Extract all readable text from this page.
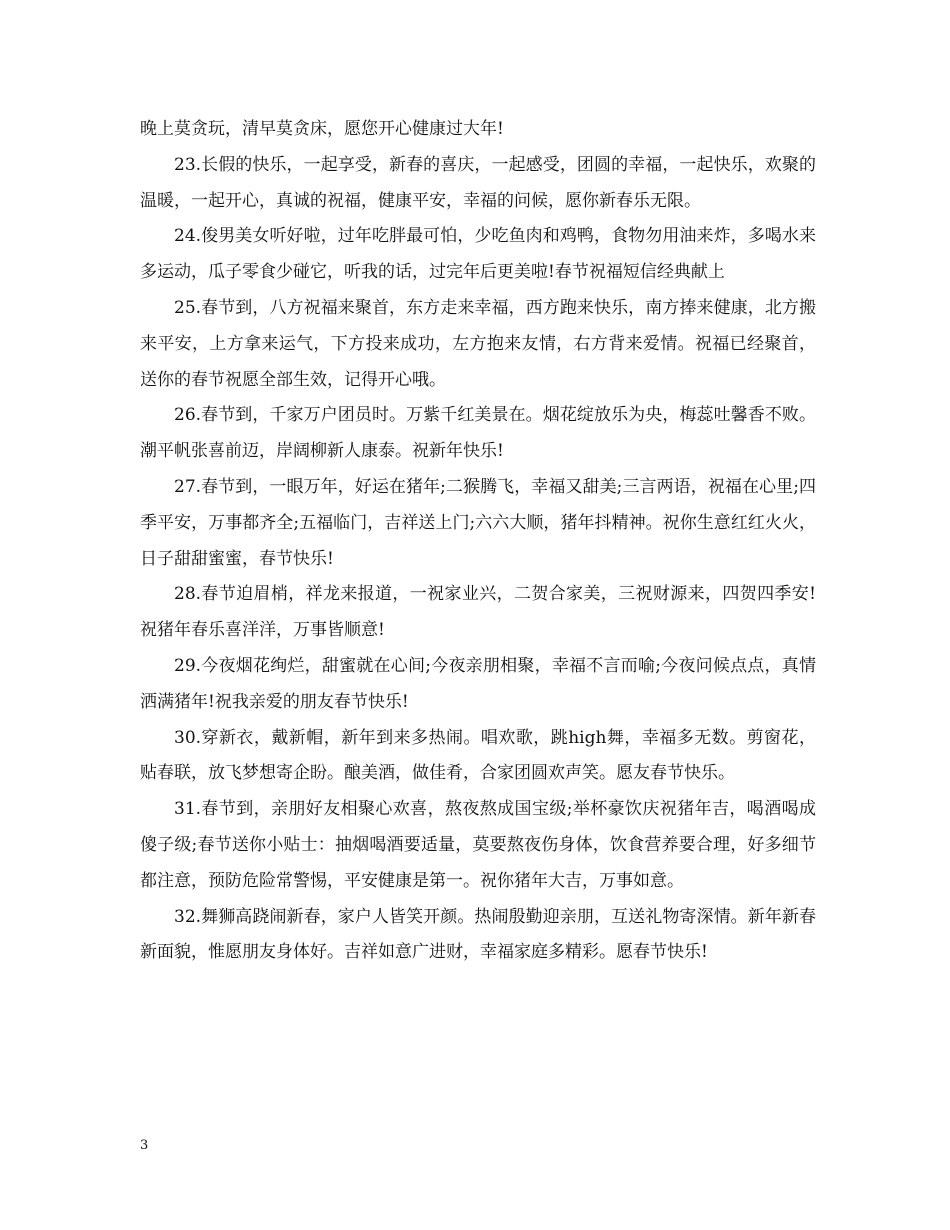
晚上莫贪玩，清早莫贪床，愿您开心健康过大年!

23.长假的快乐，一起享受，新春的喜庆，一起感受，团圆的幸福，一起快乐，欢聚的温暖，一起开心，真诚的祝福，健康平安，幸福的问候，愿你新春乐无限。

24.俊男美女听好啦，过年吃胖最可怕，少吃鱼肉和鸡鸭，食物勿用油来炸，多喝水来多运动，瓜子零食少碰它，听我的话，过完年后更美啦!春节祝福短信经典献上

25.春节到，八方祝福来聚首，东方走来幸福，西方跑来快乐，南方捧来健康，北方搬来平安，上方拿来运气，下方投来成功，左方抱来友情，右方背来爱情。祝福已经聚首，送你的春节祝愿全部生效，记得开心哦。

26.春节到，千家万户团员时。万紫千红美景在。烟花绽放乐为央，梅蕊吐馨香不败。潮平帆张喜前迈，岸阔柳新人康泰。祝新年快乐!

27.春节到，一眼万年，好运在猪年;二猴腾飞，幸福又甜美;三言两语，祝福在心里;四季平安，万事都齐全;五福临门，吉祥送上门;六六大顺，猪年抖精神。祝你生意红红火火，日子甜甜蜜蜜，春节快乐!

28.春节迫眉梢，祥龙来报道，一祝家业兴，二贺合家美，三祝财源来，四贺四季安!祝猪年春乐喜洋洋，万事皆顺意!

29.今夜烟花绚烂，甜蜜就在心间;今夜亲朋相聚，幸福不言而喻;今夜问候点点，真情洒满猪年!祝我亲爱的朋友春节快乐!

30.穿新衣，戴新帽，新年到来多热闹。唱欢歌，跳high舞，幸福多无数。剪窗花，贴春联，放飞梦想寄企盼。酿美酒，做佳肴，合家团圆欢声笑。愿友春节快乐。

31.春节到，亲朋好友相聚心欢喜，熬夜熬成国宝级;举杯豪饮庆祝猪年吉，喝酒喝成傻子级;春节送你小贴士：抽烟喝酒要适量，莫要熬夜伤身体，饮食营养要合理，好多细节都注意，预防危险常警惕，平安健康是第一。祝你猪年大吉，万事如意。

32.舞狮高跷闹新春，家户人皆笑开颜。热闹殷勤迎亲朋，互送礼物寄深情。新年新春新面貌，惟愿朋友身体好。吉祥如意广进财，幸福家庭多精彩。愿春节快乐!

3
